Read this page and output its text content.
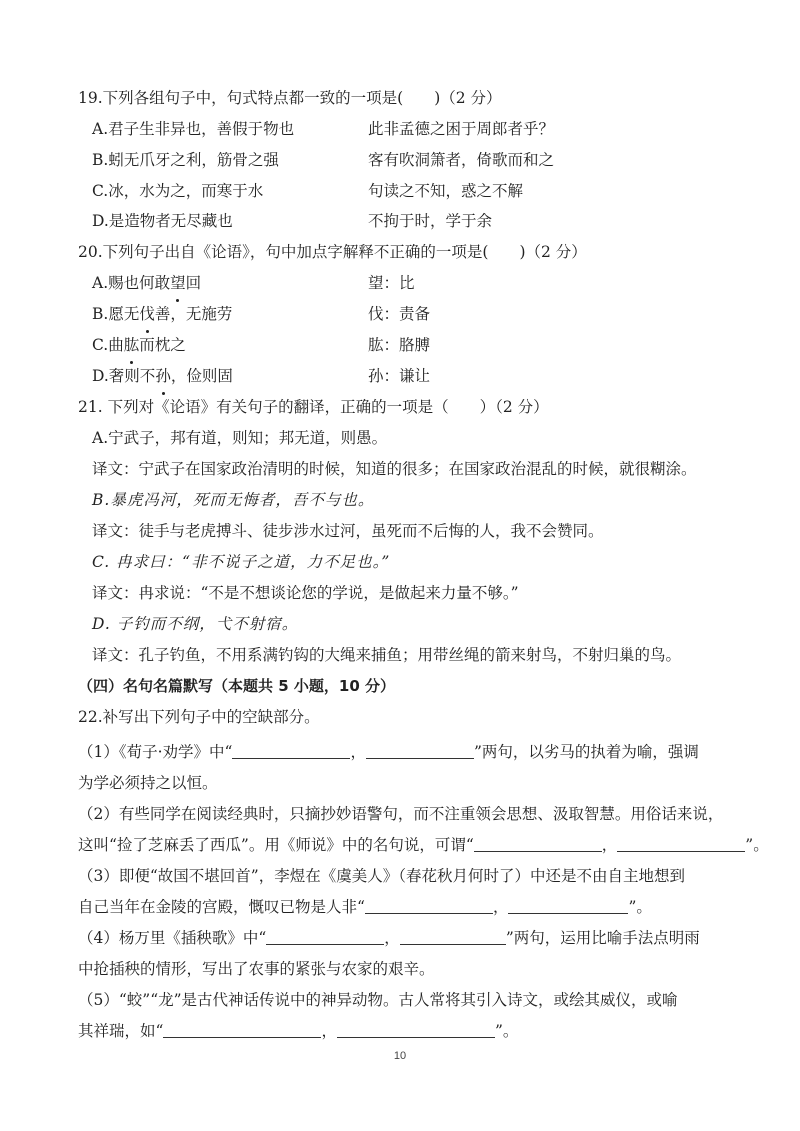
19.下列各组句子中，句式特点都一致的一项是(　　)（2 分）
A.君子生非异也，善假于物也	此非孟德之困于周郎者乎？
B.蚓无爪牙之利，筋骨之强	客有吹洞箫者，倚歌而和之
C.冰，水为之，而寒于水	句读之不知，惑之不解
D.是造物者无尽藏也	不拘于时，学于余
20.下列句子出自《论语》，句中加点字解释不正确的一项是(　　)（2 分）
A.赐也何敢望回	望：比
B.愿无伐善，无施劳	伐：责备
C.曲肱而枕之	肱：胳膊
D.奢则不孙，俭则固	孙：谦让
21. 下列对《论语》有关句子的翻译，正确的一项是（　　）（2 分）
A.宁武子，邦有道，则知；邦无道，则愚。
译文：宁武子在国家政治清明的时候，知道的很多；在国家政治混乱的时候，就很糊涂。
B.暴虎冯河，死而无悔者，吾不与也。
译文：徒手与老虎搏斗、徒步涉水过河，虽死而不后悔的人，我不会赞同。
C. 冉求曰：“非不说子之道，力不足也。”
译文：冉求说：“不是不想谈论您的学说，是做起来力量不够。”
D. 子钓而不纲，弋不射宿。
译文：孔子钓鱼，不用系满钓钩的大绳来捕鱼；用带丝绳的箭来射鸟，不射归巢的鸟。
（四）名句名篇默写（本题共 5 小题，10 分）
22.补写出下列句子中的空缺部分。
（1）《荀子·劝学》中“	，	”两句，以劣马的执着为喻，强调
为学必须持之以恒。
（2）有些同学在阅读经典时，只摘抄妙语警句，而不注重领会思想、汲取智慧。用俗话来说，
这叫“捡了芝麻丢了西瓜”。用《师说》中的名句说，可谓“	，	”。
（3）即便“故国不堪回首”，李煜在《虞美人》（春花秋月何时了）中还是不由自主地想到
自己当年在金陵的宫殿，慨叹已物是人非“	，	”。
（4）杨万里《插秧歌》中“	，	”两句，运用比喻手法点明雨
中抢插秧的情形，写出了农事的紧张与农家的艰辛。
（5）“蛟”“龙”是古代神话传说中的神异动物。古人常将其引入诗文，或绘其威仪，或喻
其祥瑞，如“	，	”。
10
